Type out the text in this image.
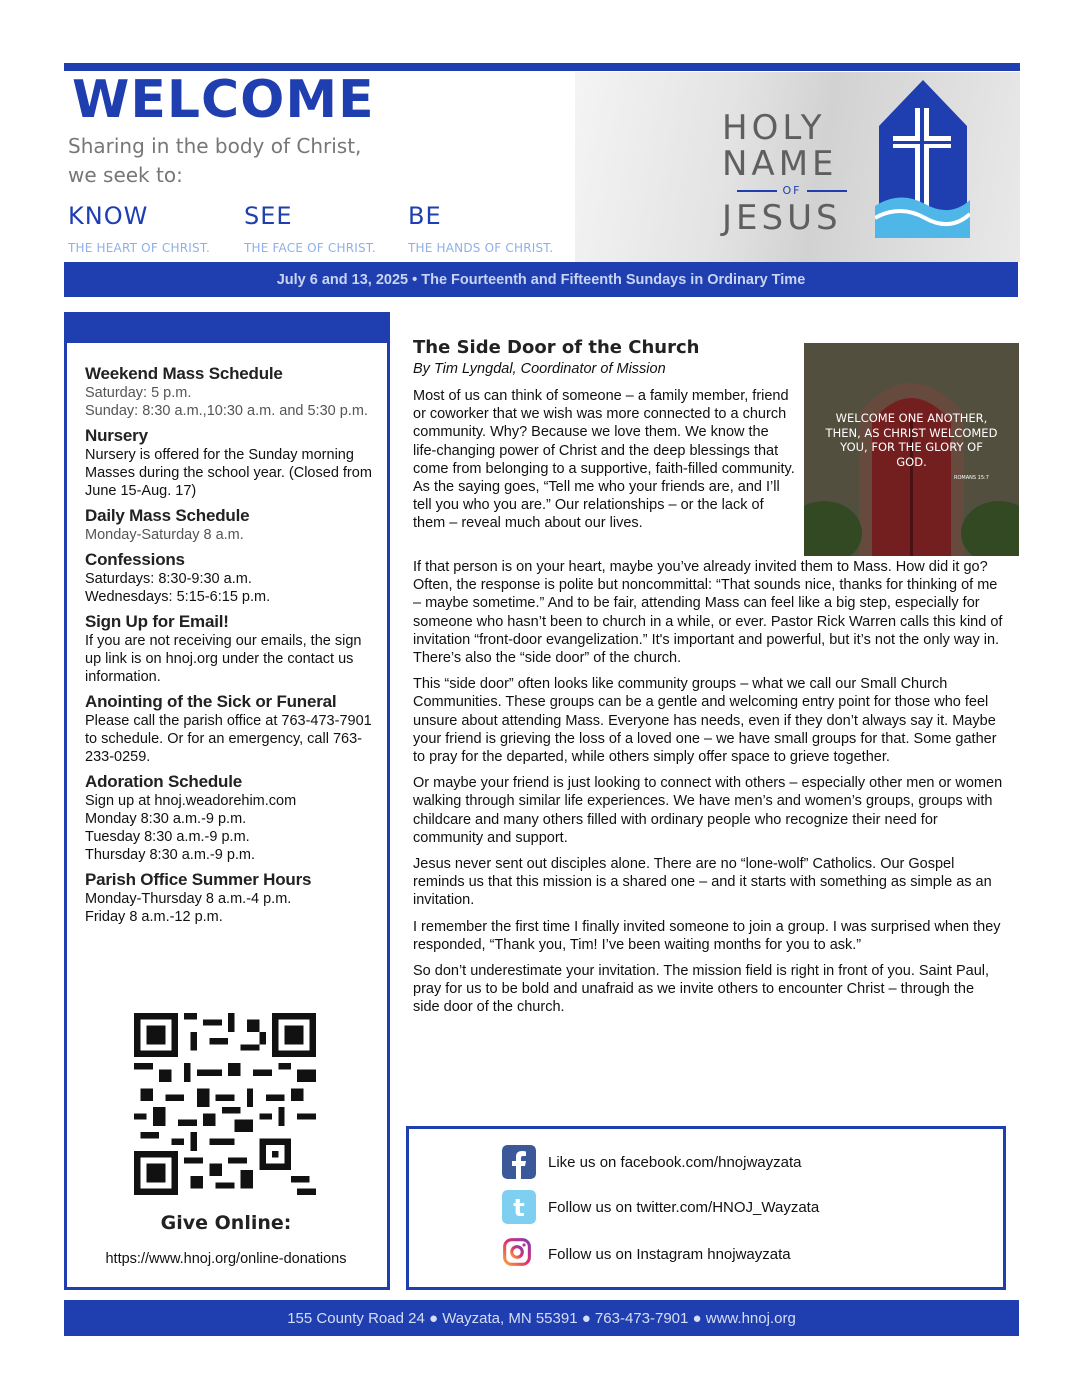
WELCOME
Sharing in the body of Christ,
we seek to:
KNOW	SEE	BE
THE HEART OF CHRIST.	THE FACE OF CHRIST.	THE HANDS OF CHRIST.
HOLY
NAME
OF
JESUS
July 6 and 13, 2025 • The Fourteenth and Fifteenth Sundays in Ordinary Time

Weekend Mass Schedule

Saturday: 5 p.m.

Sunday: 8:30 a.m.,10:30 a.m. and 5:30 p.m.

Nursery

Nursery is offered for the Sunday morning Masses during the school year. (Closed from June 15-Aug. 17)

Daily Mass Schedule

Monday-Saturday 8 a.m.

Confessions

Saturdays: 8:30-9:30 a.m.

Wednesdays: 5:15-6:15 p.m.

Sign Up for Email!

If you are not receiving our emails, the sign up link is on hnoj.org under the contact us information.

Anointing of the Sick or Funeral

Please call the parish office at 763-473-7901 to schedule. Or for an emergency, call 763-233-0259.

Adoration Schedule

Sign up at hnoj.weadorehim.com

Monday 8:30 a.m.-9 p.m.

Tuesday 8:30 a.m.-9 p.m.

Thursday 8:30 a.m.-9 p.m.

Parish Office Summer Hours

Monday-Thursday 8 a.m.-4 p.m.

Friday 8 a.m.-12 p.m.

Give Online:
https://www.hnoj.org/online-donations
The Side Door of the Church
By Tim Lyngdal, Coordinator of Mission
WELCOME ONE ANOTHER, THEN, AS CHRIST WELCOMED YOU, FOR THE GLORY OF GOD.
ROMANS 15:7

Most of us can think of someone – a family member, friend or coworker that we wish was more connected to a church community. Why? Because we love them. We know the life-changing power of Christ and the deep blessings that come from belonging to a supportive, faith-filled community. As the saying goes, “Tell me who your friends are, and I’ll tell you who you are.” Our relationships – or the lack of them – reveal much about our lives.

If that person is on your heart, maybe you’ve already invited them to Mass. How did it go? Often, the response is polite but noncommittal: “That sounds nice, thanks for thinking of me – maybe sometime.” And to be fair, attending Mass can feel like a big step, especially for someone who hasn’t been to church in a while, or ever. Pastor Rick Warren calls this kind of invitation “front-door evangelization.” It's important and powerful, but it’s not the only way in. There’s also the “side door” of the church.

This “side door” often looks like community groups – what we call our Small Church Communities. These groups can be a gentle and welcoming entry point for those who feel unsure about attending Mass. Everyone has needs, even if they don’t always say it. Maybe your friend is grieving the loss of a loved one – we have small groups for that. Some gather to pray for the departed, while others simply offer space to grieve together.

Or maybe your friend is just looking to connect with others – especially other men or women walking through similar life experiences. We have men’s and women’s groups, groups with childcare and many others filled with ordinary people who recognize their need for community and support.

Jesus never sent out disciples alone. There are no “lone-wolf” Catholics. Our Gospel reminds us that this mission is a shared one – and it starts with something as simple as an invitation.

I remember the first time I finally invited someone to join a group. I was surprised when they responded, “Thank you, Tim! I’ve been waiting months for you to ask.”

So don’t underestimate your invitation. The mission field is right in front of you. Saint Paul, pray for us to be bold and unafraid as we invite others to encounter Christ – through the side door of the church.

Like us on facebook.com/hnojwayzata
t Follow us on twitter.com/HNOJ_Wayzata
Follow us on Instagram hnojwayzata
155 County Road 24 ● Wayzata, MN 55391 ● 763-473-7901 ● www.hnoj.org
